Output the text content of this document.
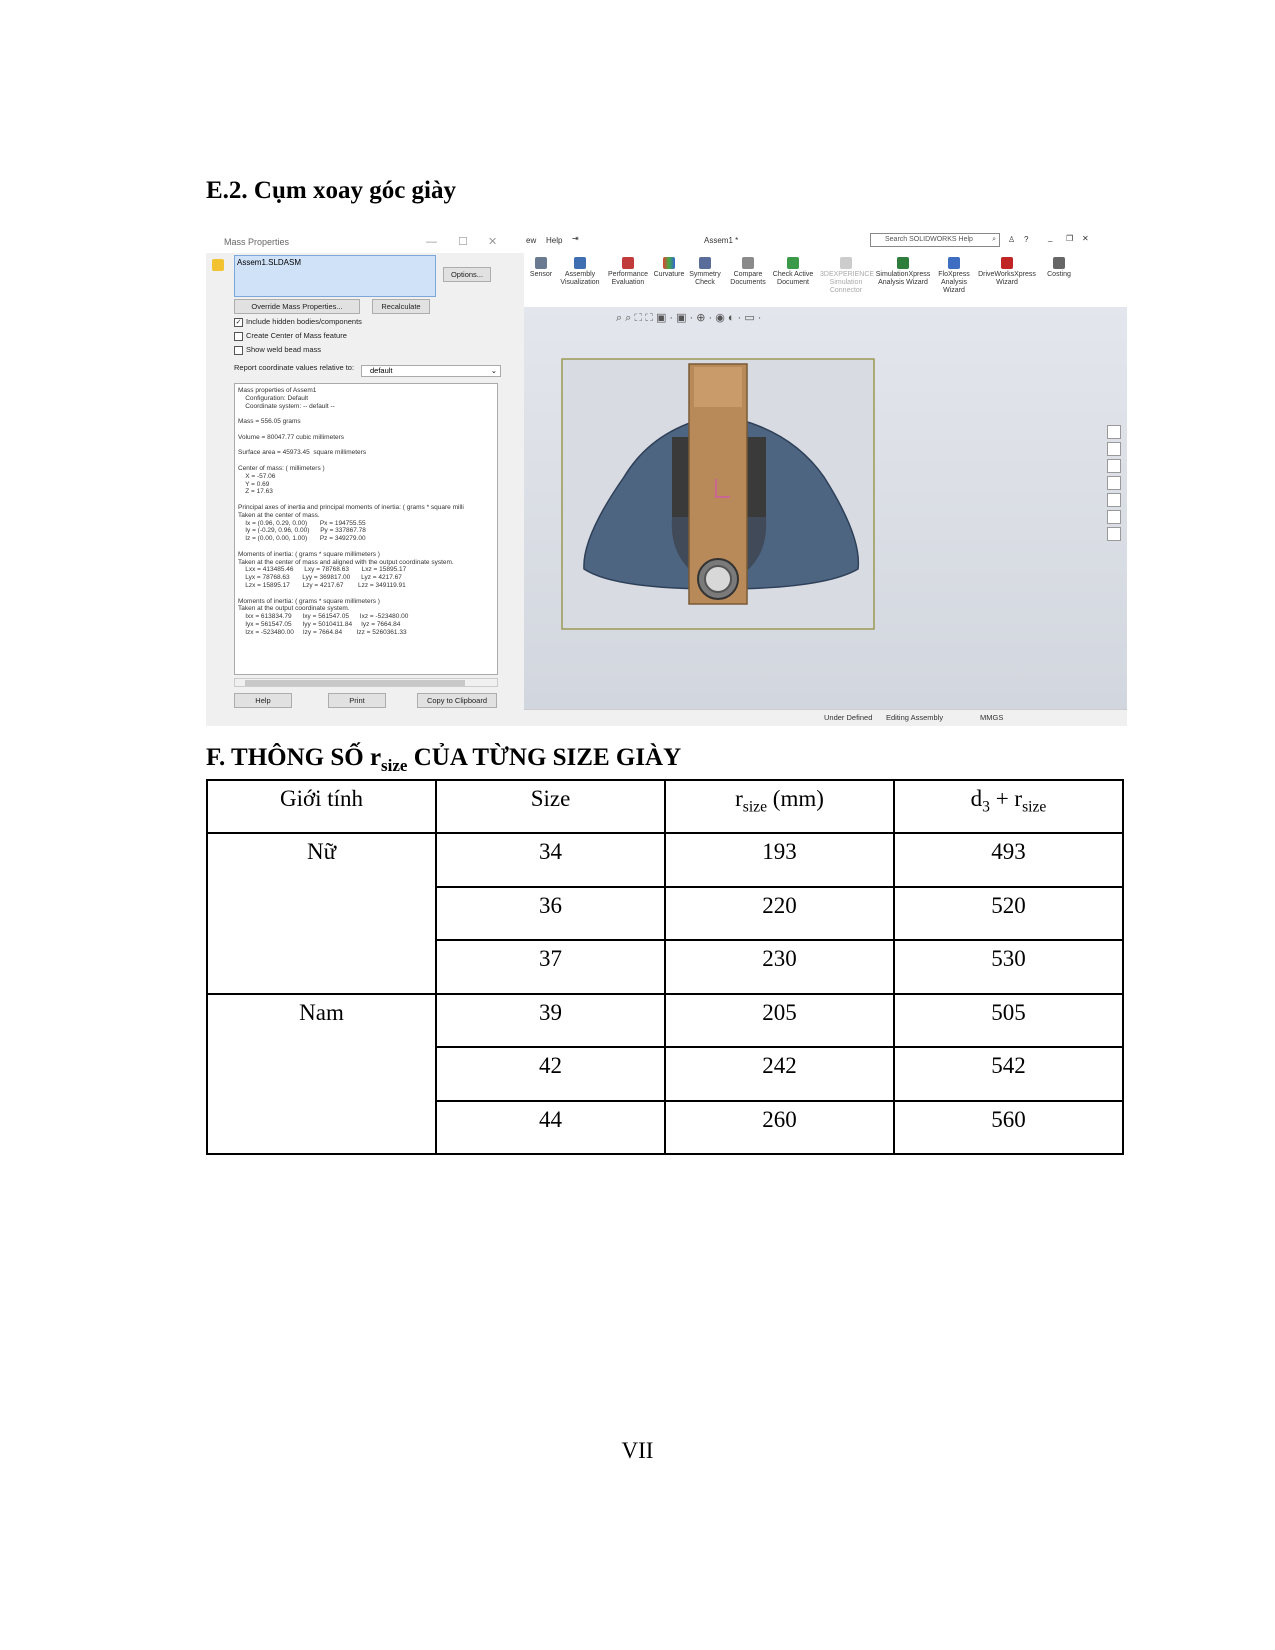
E.2. Cụm xoay góc giày
Mass Properties	— ☐ ✕
Assem1.SLDASM
Options...
Override Mass Properties...	Recalculate
✓ Include hidden bodies/components
Create Center of Mass feature
Show weld bead mass
Report coordinate values relative to:	default	⌄
Mass properties of Assem1
Configuration: Default
Coordinate system: -- default --

Mass = 556.05 grams

Volume = 80047.77 cubic millimeters

Surface area = 45973.45  square millimeters

Center of mass: ( millimeters )
X = -57.06
Y = 0.69
Z = 17.63

Principal axes of inertia and principal moments of inertia: ( grams * square milli
Taken at the center of mass.
Ix = (0.96, 0.29, 0.00)       Px = 194755.55
Iy = (-0.29, 0.96, 0.00)      Py = 337867.78
Iz = (0.00, 0.00, 1.00)       Pz = 349279.00

Moments of inertia: ( grams * square millimeters )
Taken at the center of mass and aligned with the output coordinate system.
Lxx = 413485.46      Lxy = 78768.63       Lxz = 15895.17
Lyx = 78768.63       Lyy = 369817.00      Lyz = 4217.67
Lzx = 15895.17       Lzy = 4217.67        Lzz = 349119.91

Moments of inertia: ( grams * square millimeters )
Taken at the output coordinate system.
Ixx = 613834.79      Ixy = 561547.05      Ixz = -523480.00
Iyx = 561547.05      Iyy = 5010411.84     Iyz = 7664.84
Izx = -523480.00     Izy = 7664.84        Izz = 5260361.33
Help	Print	Copy to Clipboard
ew Help ⇥	Assem1 *	Search SOLIDWORKS Help	⌕ ♙ ? _ ❐ ✕
Sensor	Assembly Visualization
Performance Evaluation
Curvature Symmetry Check
Compare Documents
Check Active Document
3DEXPERIENCE Simulation Connector
SimulationXpress Analysis Wizard
FloXpress Analysis Wizard
DriveWorksXpress Wizard
Costing
⌕ ⌕ ⛶ ⛶ ▣ · ▣ · ⊕ · ◉ ◐ · ▭ ·
Under Defined Editing Assembly	MMGS
F. THÔNG SỐ $r_{size}$ CỦA TỪNG SIZE GIÀY
Giới tính	Size	$r_{size}$ (mm)	$d_3 + r_{size}$
Nữ	34	193	493
	36	220	520
	37	230	530
Nam	39	205	505
	42	242	542
	44	260	560
VII
